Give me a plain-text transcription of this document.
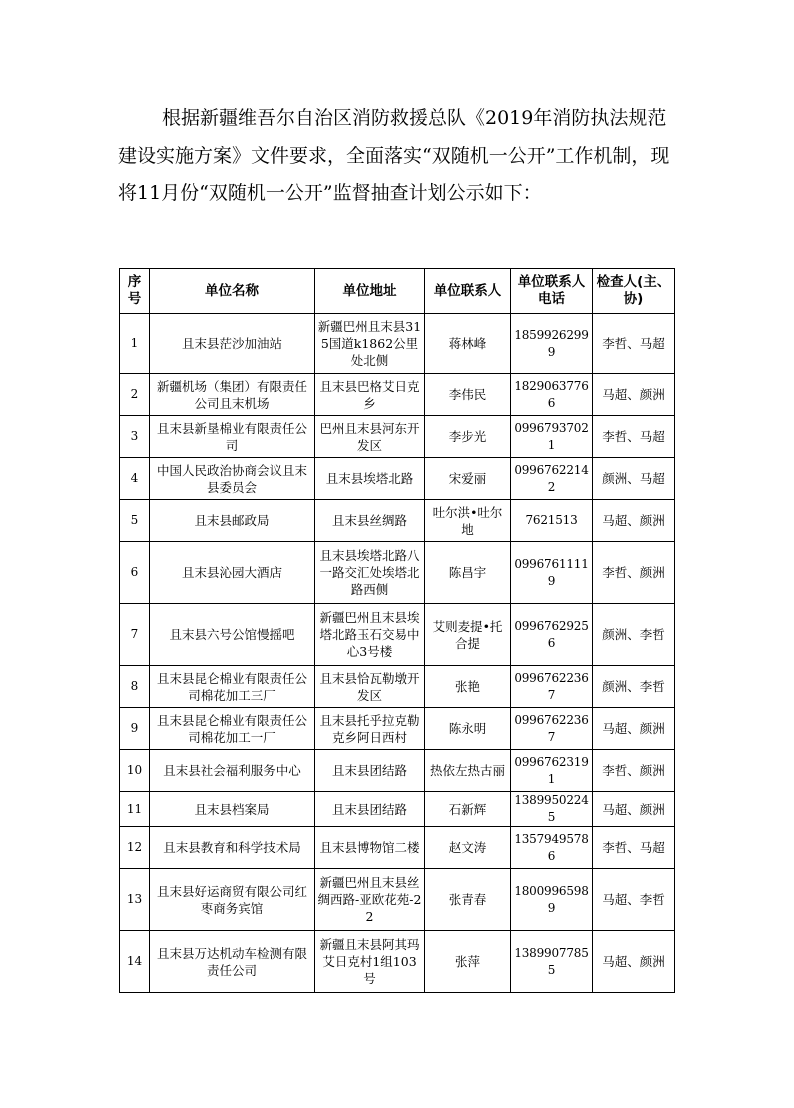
根据新疆维吾尔自治区消防救援总队《2019年消防执法规范建设实施方案》文件要求，全面落实“双随机一公开”工作机制，现将11月份“双随机一公开”监督抽查计划公示如下：

序号	单位名称	单位地址	单位联系人	单位联系人电话	检查人(主、协)
1	且末县茫沙加油站	新疆巴州且末县315国道k1862公里处北侧	蒋林峰	18599262999	李哲、马超
2	新疆机场（集团）有限责任公司且末机场	且末县巴格艾日克乡	李伟民	18290637766	马超、颜洲
3	且末县新垦棉业有限责任公司	巴州且末县河东开发区	李步光	09967937021	李哲、马超
4	中国人民政治协商会议且末县委员会	且末县埃塔北路	宋爱丽	09967622142	颜洲、马超
5	且末县邮政局	且末县丝绸路	吐尔洪•吐尔地	7621513	马超、颜洲
6	且末县沁园大酒店	且末县埃塔北路八一路交汇处埃塔北路西侧	陈昌宇	09967611119	李哲、颜洲
7	且末县六号公馆慢摇吧	新疆巴州且末县埃塔北路玉石交易中心3号楼	艾则麦提•托合提	09967629256	颜洲、李哲
8	且末县昆仑棉业有限责任公司棉花加工三厂	且末县恰瓦勒墩开发区	张艳	09967622367	颜洲、李哲
9	且末县昆仑棉业有限责任公司棉花加工一厂	且末县托乎拉克勒克乡阿日西村	陈永明	09967622367	马超、颜洲
10	且末县社会福利服务中心	且末县团结路	热依左热古丽	09967623191	李哲、颜洲
11	且末县档案局	且末县团结路	石新辉	13899502245	马超、颜洲
12	且末县教育和科学技术局	且末县博物馆二楼	赵文涛	13579495786	李哲、马超
13	且末县好运商贸有限公司红枣商务宾馆	新疆巴州且末县丝绸西路-亚欧花苑-22	张青春	18009965989	马超、李哲
14	且末县万达机动车检测有限责任公司	新疆且末县阿其玛艾日克村1组103号	张萍	13899077855	马超、颜洲
